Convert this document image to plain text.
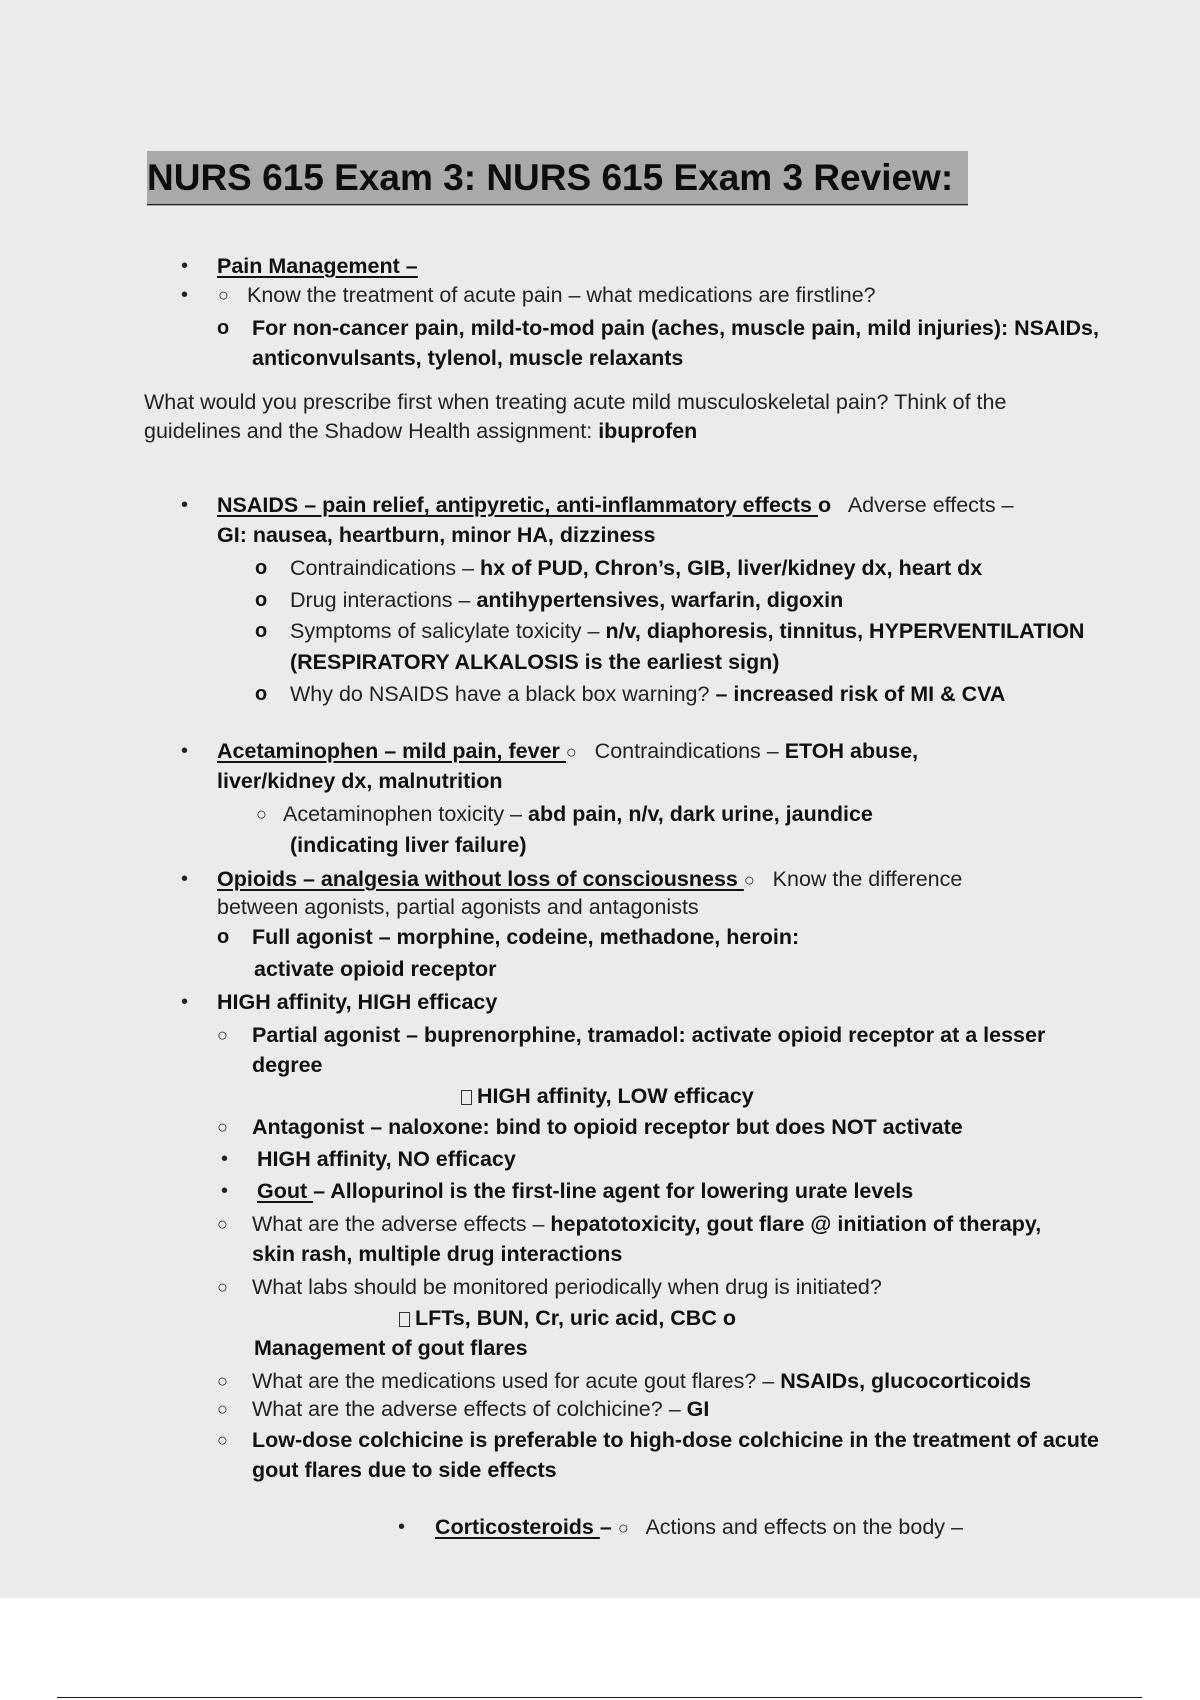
NURS 615 Exam 3: NURS 615 Exam 3 Review:
• Pain Management –
• ○ Know the treatment of acute pain – what medications are firstline?
o For non-cancer pain, mild-to-mod pain (aches, muscle pain, mild injuries): NSAIDs,
anticonvulsants, tylenol, muscle relaxants
What would you prescribe first when treating acute mild musculoskeletal pain? Think of the
guidelines and the Shadow Health assignment: ibuprofen
• NSAIDS – pain relief, antipyretic, anti-inflammatory effects o Adverse effects –
GI: nausea, heartburn, minor HA, dizziness
o Contraindications – hx of PUD, Chron’s, GIB, liver/kidney dx, heart dx
o Drug interactions – antihypertensives, warfarin, digoxin
o Symptoms of salicylate toxicity – n/v, diaphoresis, tinnitus, HYPERVENTILATION
(RESPIRATORY ALKALOSIS is the earliest sign)
o Why do NSAIDS have a black box warning? – increased risk of MI & CVA
• Acetaminophen – mild pain, fever ○ Contraindications – ETOH abuse,
liver/kidney dx, malnutrition
○ Acetaminophen toxicity – abd pain, n/v, dark urine, jaundice
(indicating liver failure)
• Opioids – analgesia without loss of consciousness ○ Know the difference
between agonists, partial agonists and antagonists
o Full agonist – morphine, codeine, methadone, heroin:
activate opioid receptor
• HIGH affinity, HIGH efficacy
○ Partial agonist – buprenorphine, tramadol: activate opioid receptor at a lesser
degree
HIGH affinity, LOW efficacy
○ Antagonist – naloxone: bind to opioid receptor but does NOT activate
• HIGH affinity, NO efficacy
• Gout – Allopurinol is the first-line agent for lowering urate levels
○ What are the adverse effects – hepatotoxicity, gout flare @ initiation of therapy,
skin rash, multiple drug interactions
○ What labs should be monitored periodically when drug is initiated?
LFTs, BUN, Cr, uric acid, CBC o
Management of gout flares
○ What are the medications used for acute gout flares? – NSAIDs, glucocorticoids
○ What are the adverse effects of colchicine? – GI
○ Low-dose colchicine is preferable to high-dose colchicine in the treatment of acute
gout flares due to side effects
• Corticosteroids – ○ Actions and effects on the body –
